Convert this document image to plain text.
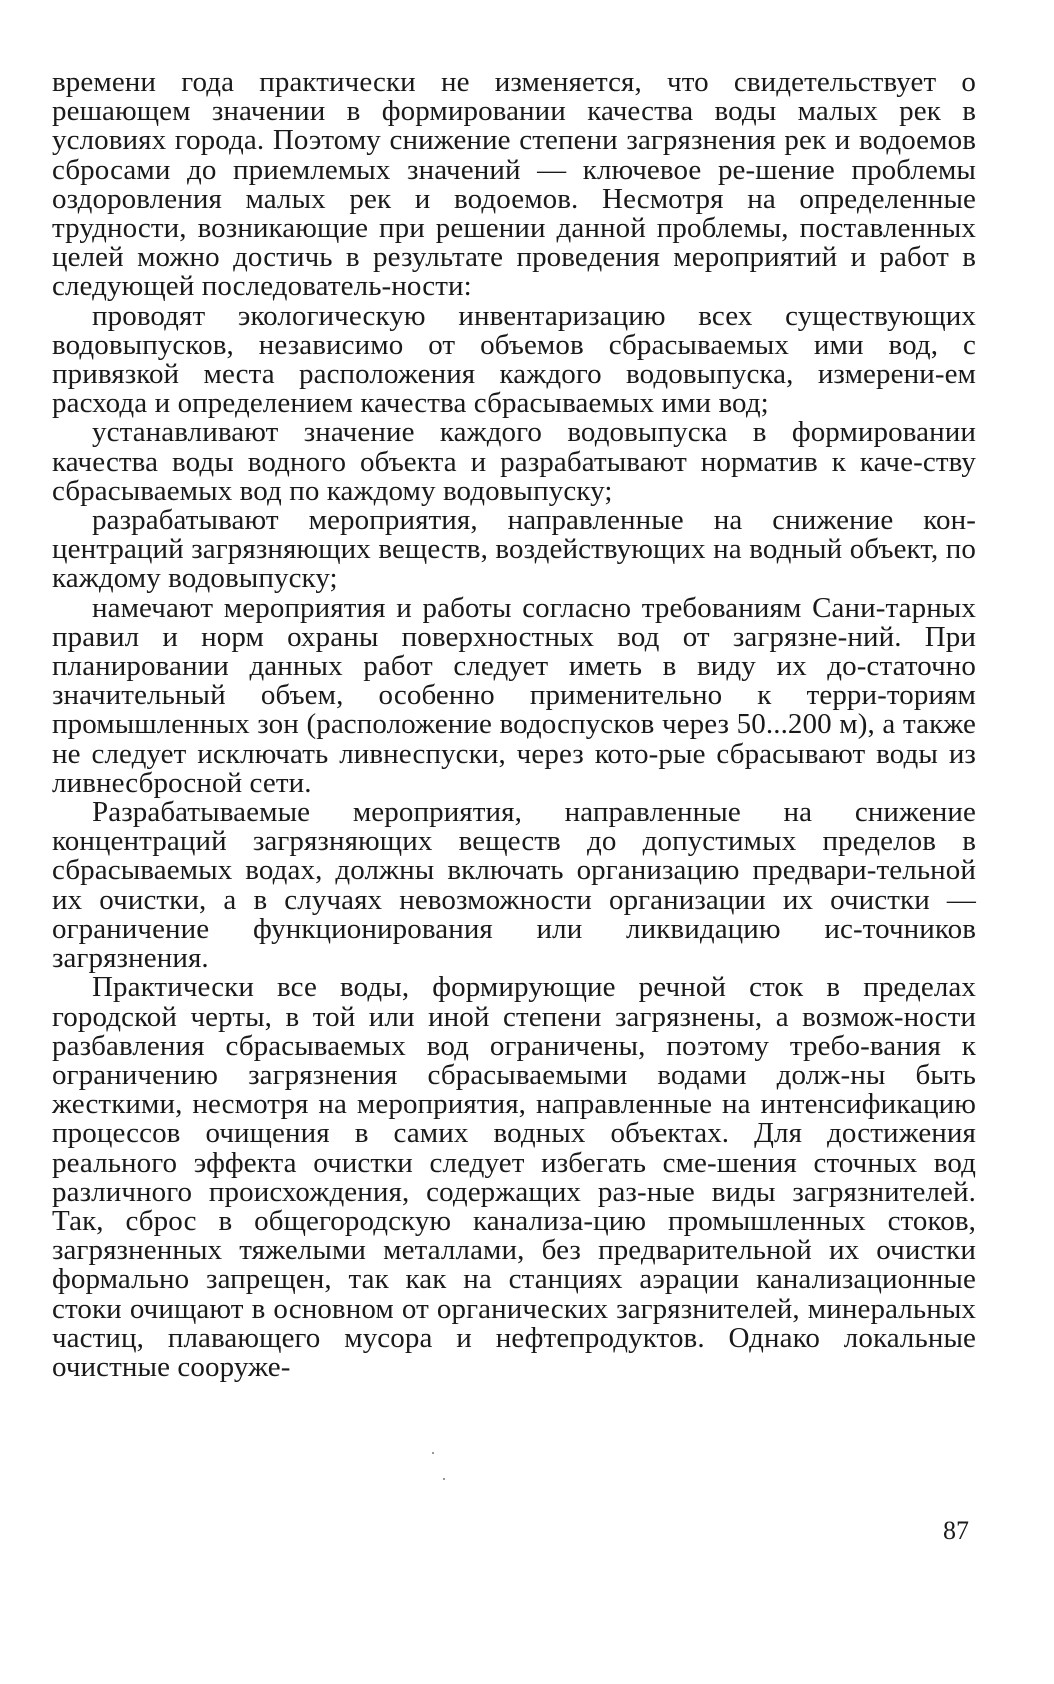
времени года практически не изменяется, что свидетельствует о решающем значении в формировании качества воды малых рек в условиях города. Поэтому снижение степени загрязнения рек и водоемов сбросами до приемлемых значений — ключевое ре-шение проблемы оздоровления малых рек и водоемов. Несмотря на определенные трудности, возникающие при решении данной проблемы, поставленных целей можно достичь в результате проведения мероприятий и работ в следующей последователь-ности:

проводят экологическую инвентаризацию всех существующих водовыпусков, независимо от объемов сбрасываемых ими вод, с привязкой места расположения каждого водовыпуска, измерени-ем расхода и определением качества сбрасываемых ими вод;

устанавливают значение каждого водовыпуска в формировании качества воды водного объекта и разрабатывают норматив к каче-ству сбрасываемых вод по каждому водовыпуску;

разрабатывают мероприятия, направленные на снижение кон-центраций загрязняющих веществ, воздействующих на водный объект, по каждому водовыпуску;

намечают мероприятия и работы согласно требованиям Сани-тарных правил и норм охраны поверхностных вод от загрязне-ний. При планировании данных работ следует иметь в виду их до-статочно значительный объем, особенно применительно к терри-ториям промышленных зон (расположение водоспусков через 50...200 м), а также не следует исключать ливнеспуски, через кото-рые сбрасывают воды из ливнесбросной сети.

Разрабатываемые мероприятия, направленные на снижение концентраций загрязняющих веществ до допустимых пределов в сбрасываемых водах, должны включать организацию предвари-тельной их очистки, а в случаях невозможности организации их очистки — ограничение функционирования или ликвидацию ис-точников загрязнения.

Практически все воды, формирующие речной сток в пределах городской черты, в той или иной степени загрязнены, а возмож-ности разбавления сбрасываемых вод ограничены, поэтому требо-вания к ограничению загрязнения сбрасываемыми водами долж-ны быть жесткими, несмотря на мероприятия, направленные на интенсификацию процессов очищения в самих водных объектах. Для достижения реального эффекта очистки следует избегать сме-шения сточных вод различного происхождения, содержащих раз-ные виды загрязнителей. Так, сброс в общегородскую канализа-цию промышленных стоков, загрязненных тяжелыми металлами, без предварительной их очистки формально запрещен, так как на станциях аэрации канализационные стоки очищают в основном от органических загрязнителей, минеральных частиц, плавающего мусора и нефтепродуктов. Однако локальные очистные сооруже-

87
